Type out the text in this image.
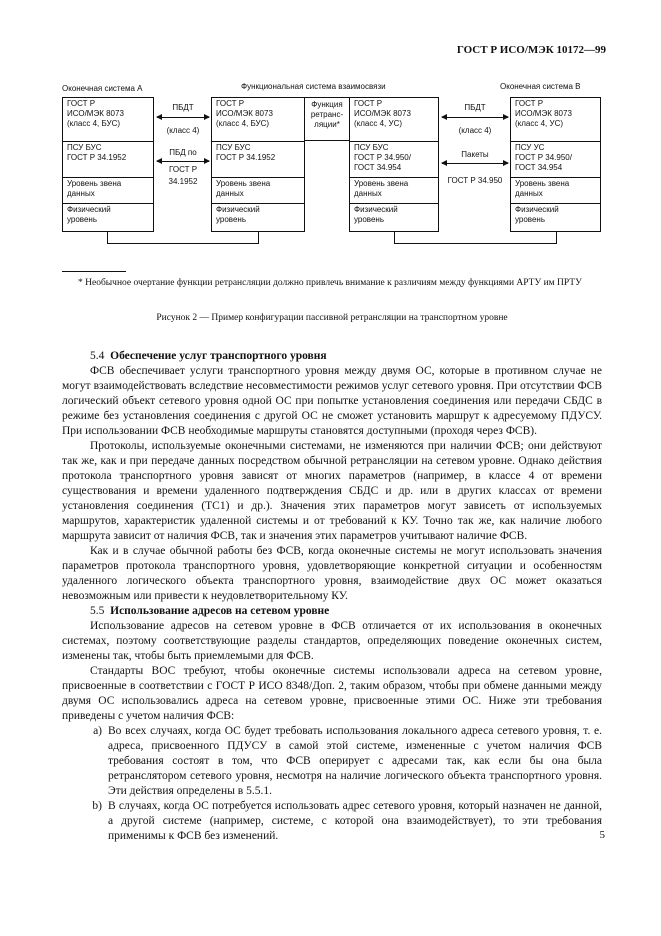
ГОСТ Р ИСО/МЭК 10172—99
Оконечная система А	Функциональная система взаимосвязи	Оконечная система В
ГОСТ Р
ИСО/МЭК 8073
(класс 4, БУС)
ПСУ БУС
ГОСТ Р 34.1952
Уровень звена
данных
Физический
уровень
ПБДТ
(класс 4)
ПБД по
ГОСТ Р
34.1952
ГОСТ Р
ИСО/МЭК 8073
(класс 4, БУС)
ПСУ БУС
ГОСТ Р 34.1952
Уровень звена
данных
Физический
уровень
Функция
ретранс-
ляции*
ГОСТ Р
ИСО/МЭК 8073
(класс 4, УС)
ПСУ БУС
ГОСТ Р 34.950/
ГОСТ 34.954
Уровень звена
данных
Физический
уровень
ПБДТ
(класс 4)
Пакеты
ГОСТ Р 34.950
ГОСТ Р
ИСО/МЭК 8073
(класс 4, УС)
ПСУ УС
ГОСТ Р 34.950/
ГОСТ 34.954
Уровень звена
данных
Физический
уровень
* Необычное очертание функции ретрансляции должно привлечь внимание к различиям между функциями АРТУ им ПРТУ
Рисунок 2 — Пример конфигурации пассивной ретрансляции на транспортном уровне
5.4 Обеспечение услуг транспортного уровня

ФСВ обеспечивает услуги транспортного уровня между двумя ОС, которые в противном случае не могут взаимодействовать вследствие несовместимости режимов услуг сетевого уровня. При отсутствии ФСВ логический объект сетевого уровня одной ОС при попытке установления соединения или передачи СБДС в режиме без установления соединения с другой ОС не сможет установить маршрут к адресуемому ПДУСУ. При использовании ФСВ необходимые маршруты становятся доступными (проходя через ФСВ).

Протоколы, используемые оконечными системами, не изменяются при наличии ФСВ; они действуют так же, как и при передаче данных посредством обычной ретрансляции на сетевом уровне. Однако действия протокола транспортного уровня зависят от многих параметров (например, в классе 4 от времени существования и времени удаленного подтверждения СБДС и др. или в других классах от времени установления соединения (ТС1) и др.). Значения этих параметров могут зависеть от используемых маршрутов, характеристик удаленной системы и от требований к КУ. Точно так же, как наличие любого маршрута зависит от наличия ФСВ, так и значения этих параметров учитывают наличие ФСВ.

Как и в случае обычной работы без ФСВ, когда оконечные системы не могут использовать значения параметров протокола транспортного уровня, удовлетворяющие конкретной ситуации и особенностям удаленного логического объекта транспортного уровня, взаимодействие двух ОС может оказаться невозможным или привести к неудовлетворительному КУ.

5.5 Использование адресов на сетевом уровне

Использование адресов на сетевом уровне в ФСВ отличается от их использования в оконечных системах, поэтому соответствующие разделы стандартов, определяющих поведение оконечных систем, изменены так, чтобы быть приемлемыми для ФСВ.

Стандарты ВОС требуют, чтобы оконечные системы использовали адреса на сетевом уровне, присвоенные в соответствии с ГОСТ Р ИСО 8348/Доп. 2, таким образом, чтобы при обмене данными между двумя ОС использовались адреса на сетевом уровне, присвоенные этими ОС. Ниже эти требования приведены с учетом наличия ФСВ:

a) Во всех случаях, когда ОС будет требовать использования локального адреса сетевого уровня, т. е. адреса, присвоенного ПДУСУ в самой этой системе, измененные с учетом наличия ФСВ требования состоят в том, что ФСВ оперирует с адресами так, как если бы она была ретранслятором сетевого уровня, несмотря на наличие логического объекта транспортного уровня. Эти действия определены в 5.5.1.
b) В случаях, когда ОС потребуется использовать адрес сетевого уровня, который назначен не данной, а другой системе (например, системе, с которой она взаимодействует), то эти требования применимы к ФСВ без изменений.	5
